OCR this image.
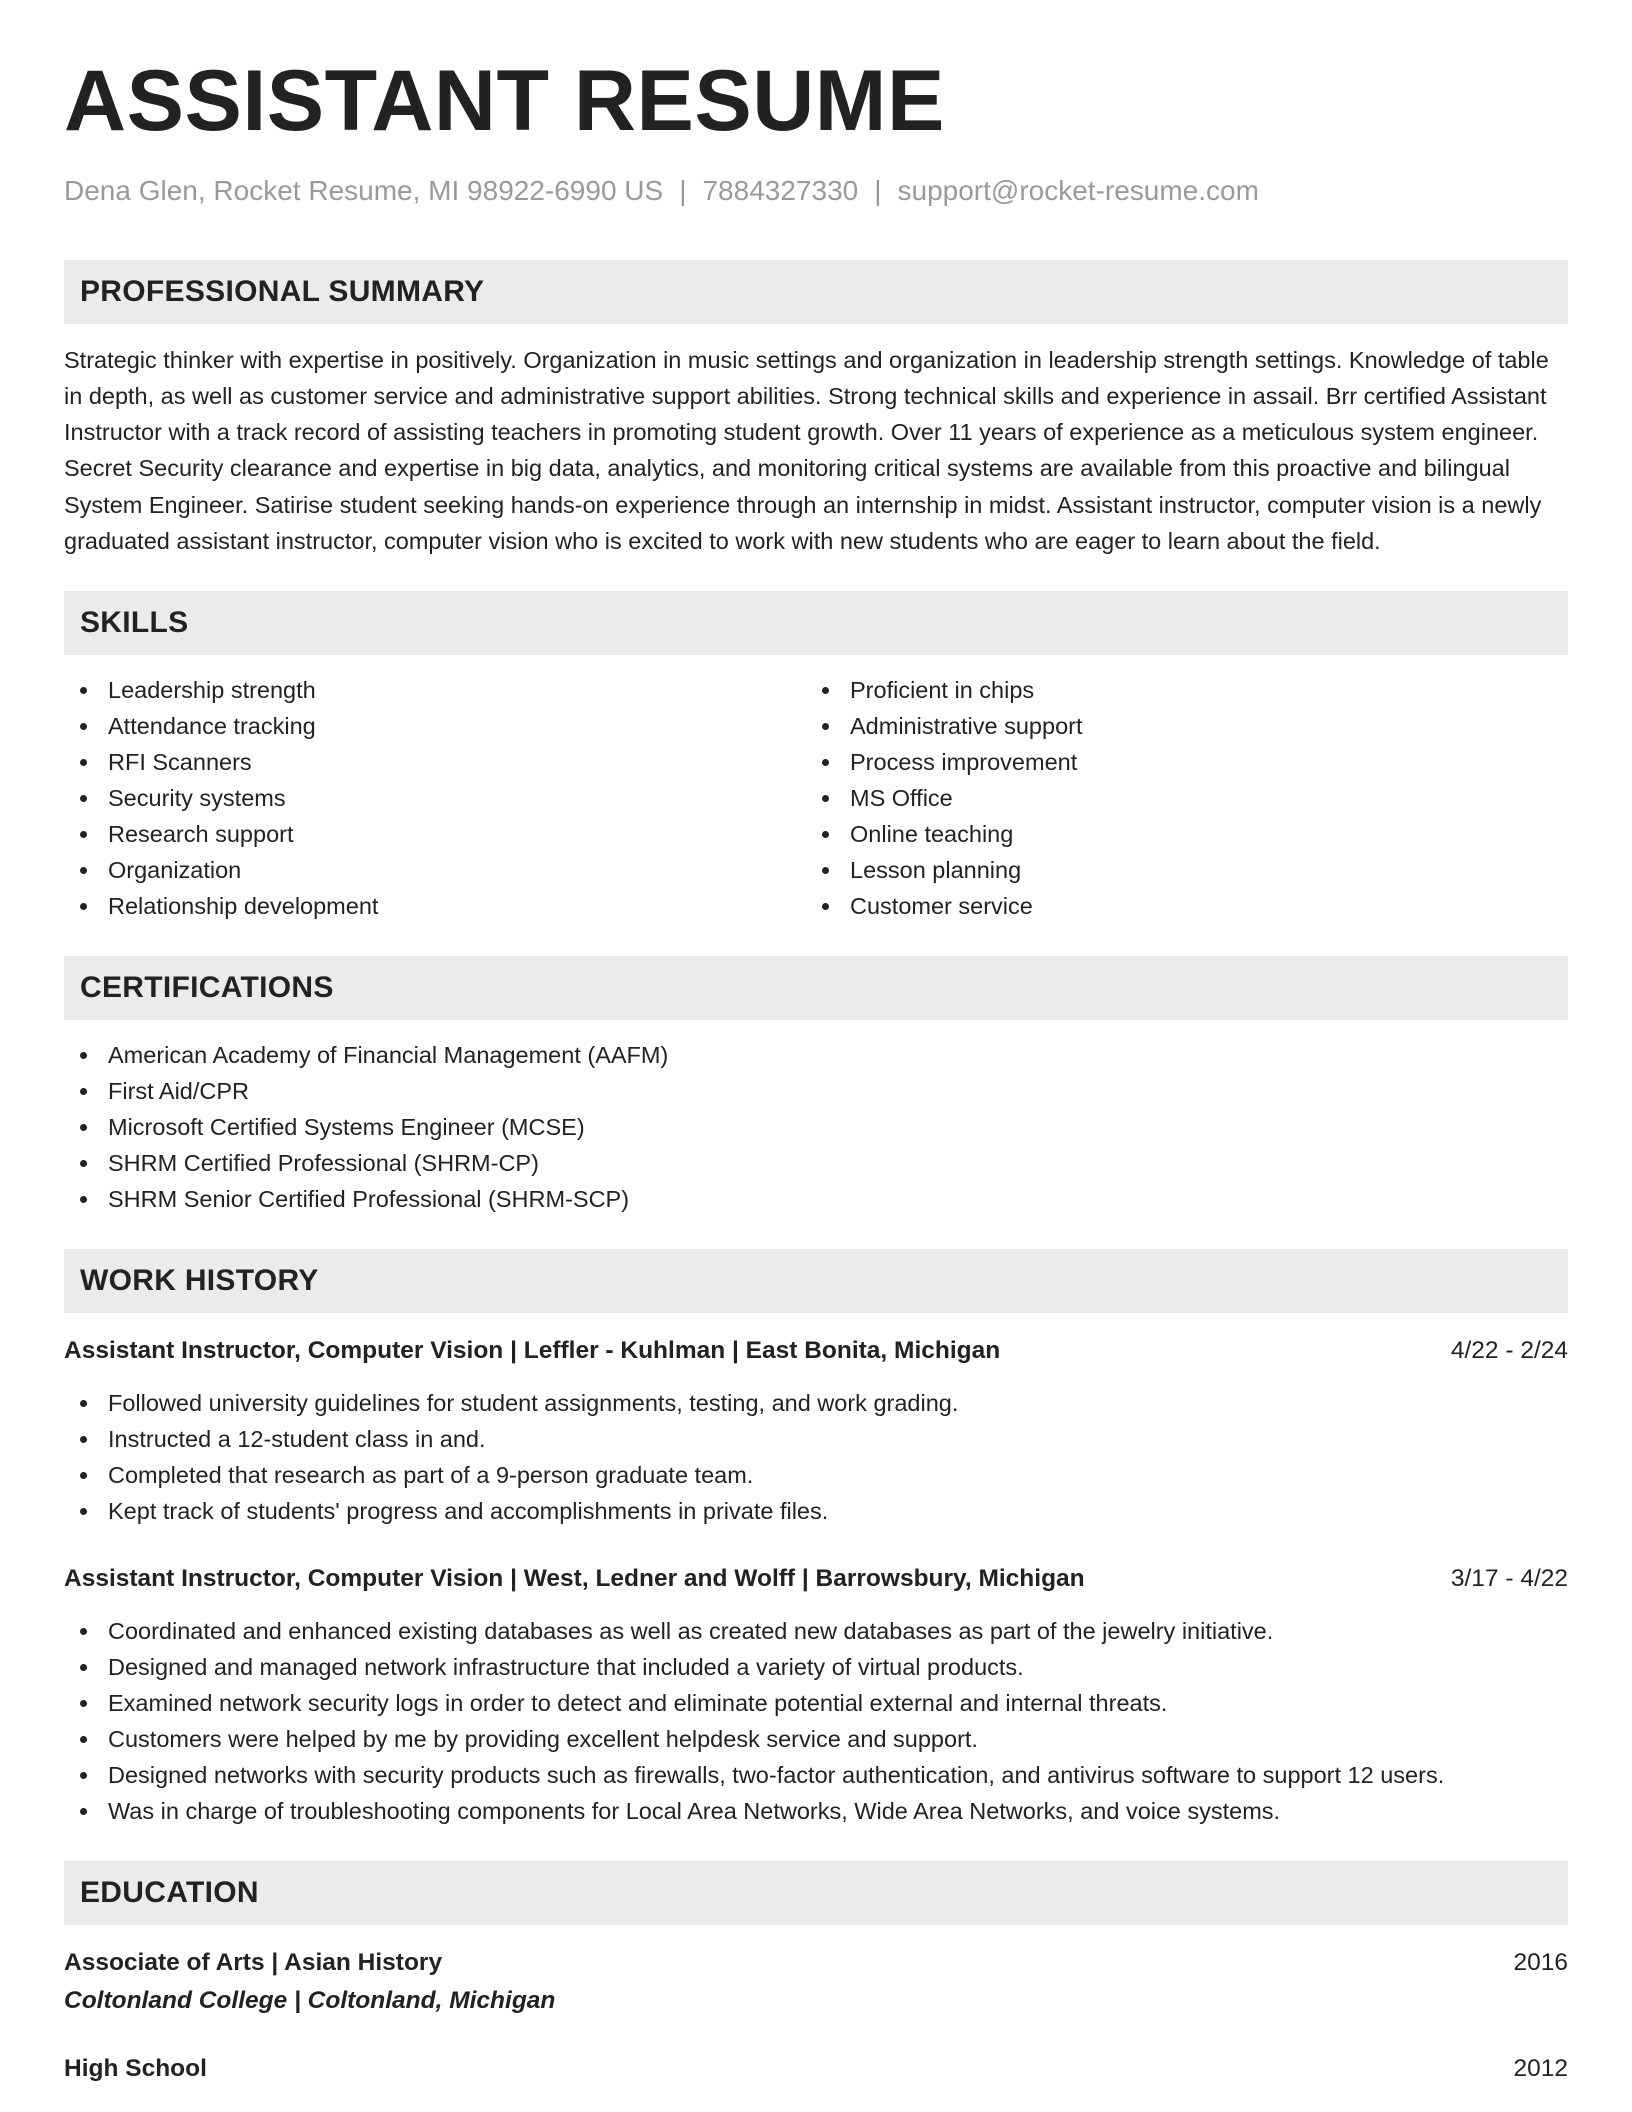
ASSISTANT RESUME
Dena Glen, Rocket Resume, MI 98922-6990 US | 7884327330 | support@rocket-resume.com
PROFESSIONAL SUMMARY

Strategic thinker with expertise in positively. Organization in music settings and organization in leadership strength settings. Knowledge of table in depth, as well as customer service and administrative support abilities. Strong technical skills and experience in assail. Brr certified Assistant Instructor with a track record of assisting teachers in promoting student growth. Over 11 years of experience as a meticulous system engineer. Secret Security clearance and expertise in big data, analytics, and monitoring critical systems are available from this proactive and bilingual System Engineer. Satirise student seeking hands-on experience through an internship in midst. Assistant instructor, computer vision is a newly graduated assistant instructor, computer vision who is excited to work with new students who are eager to learn about the field.

SKILLS
Leadership strength
Attendance tracking
RFI Scanners
Security systems
Research support
Organization
Relationship development
Proficient in chips
Administrative support
Process improvement
MS Office
Online teaching
Lesson planning
Customer service
CERTIFICATIONS
American Academy of Financial Management (AAFM)
First Aid/CPR
Microsoft Certified Systems Engineer (MCSE)
SHRM Certified Professional (SHRM-CP)
SHRM Senior Certified Professional (SHRM-SCP)
WORK HISTORY
Assistant Instructor, Computer Vision | Leffler - Kuhlman | East Bonita, Michigan	4/22 - 2/24
Followed university guidelines for student assignments, testing, and work grading.
Instructed a 12-student class in and.
Completed that research as part of a 9-person graduate team.
Kept track of students' progress and accomplishments in private files.
Assistant Instructor, Computer Vision | West, Ledner and Wolff | Barrowsbury, Michigan	3/17 - 4/22
Coordinated and enhanced existing databases as well as created new databases as part of the jewelry initiative.
Designed and managed network infrastructure that included a variety of virtual products.
Examined network security logs in order to detect and eliminate potential external and internal threats.
Customers were helped by me by providing excellent helpdesk service and support.
Designed networks with security products such as firewalls, two-factor authentication, and antivirus software to support 12 users.
Was in charge of troubleshooting components for Local Area Networks, Wide Area Networks, and voice systems.
EDUCATION
Associate of Arts | Asian History	2016
Coltonland College | Coltonland, Michigan
High School	2012
